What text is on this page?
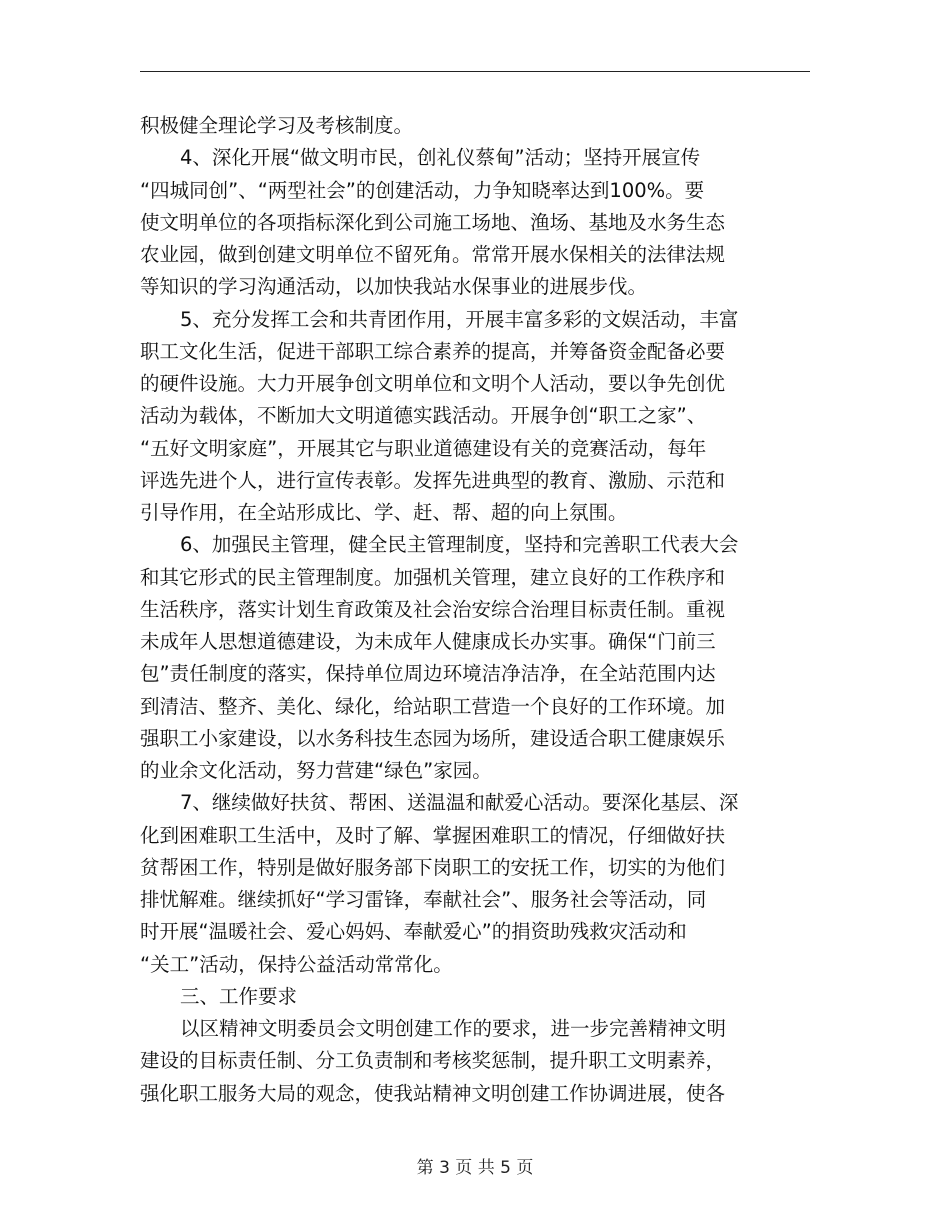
积极健全理论学习及考核制度。
4、深化开展“做文明市民，创礼仪蔡甸”活动；坚持开展宣传
“四城同创”、“两型社会”的创建活动，力争知晓率达到100%。要
使文明单位的各项指标深化到公司施工场地、渔场、基地及水务生态
农业园，做到创建文明单位不留死角。常常开展水保相关的法律法规
等知识的学习沟通活动，以加快我站水保事业的进展步伐。
5、充分发挥工会和共青团作用，开展丰富多彩的文娱活动，丰富
职工文化生活，促进干部职工综合素养的提高，并筹备资金配备必要
的硬件设施。大力开展争创文明单位和文明个人活动，要以争先创优
活动为载体，不断加大文明道德实践活动。开展争创“职工之家”、
“五好文明家庭”，开展其它与职业道德建设有关的竞赛活动，每年
评选先进个人，进行宣传表彰。发挥先进典型的教育、激励、示范和
引导作用，在全站形成比、学、赶、帮、超的向上氛围。
6、加强民主管理，健全民主管理制度，坚持和完善职工代表大会
和其它形式的民主管理制度。加强机关管理，建立良好的工作秩序和
生活秩序，落实计划生育政策及社会治安综合治理目标责任制。重视
未成年人思想道德建设，为未成年人健康成长办实事。确保“门前三
包”责任制度的落实，保持单位周边环境洁净洁净，在全站范围内达
到清洁、整齐、美化、绿化，给站职工营造一个良好的工作环境。加
强职工小家建设，以水务科技生态园为场所，建设适合职工健康娱乐
的业余文化活动，努力营建“绿色”家园。
7、继续做好扶贫、帮困、送温温和献爱心活动。要深化基层、深
化到困难职工生活中，及时了解、掌握困难职工的情况，仔细做好扶
贫帮困工作，特别是做好服务部下岗职工的安抚工作，切实的为他们
排忧解难。继续抓好“学习雷锋，奉献社会”、服务社会等活动，同
时开展“温暖社会、爱心妈妈、奉献爱心”的捐资助残救灾活动和
“关工”活动，保持公益活动常常化。
三、工作要求
以区精神文明委员会文明创建工作的要求，进一步完善精神文明
建设的目标责任制、分工负责制和考核奖惩制，提升职工文明素养，
强化职工服务大局的观念，使我站精神文明创建工作协调进展，使各
第 3 页 共 5 页
